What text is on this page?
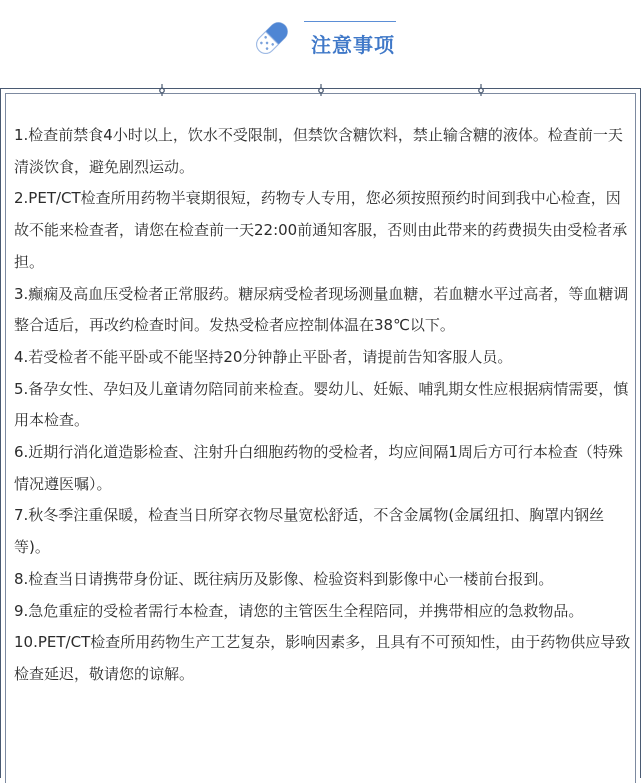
注意事项

1.检查前禁食4小时以上，饮水不受限制，但禁饮含糖饮料，禁止输含糖的液体。检查前一天清淡饮食，避免剧烈运动。

2.PET/CT检查所用药物半衰期很短，药物专人专用，您必须按照预约时间到我中心检查，因故不能来检查者，请您在检查前一天22:00前通知客服，否则由此带来的药费损失由受检者承担。

3.癫痫及高血压受检者正常服药。糖尿病受检者现场测量血糖，若血糖水平过高者，等血糖调整合适后，再改约检查时间。发热受检者应控制体温在38℃以下。

4.若受检者不能平卧或不能坚持20分钟静止平卧者，请提前告知客服人员。

5.备孕女性、孕妇及儿童请勿陪同前来检查。婴幼儿、妊娠、哺乳期女性应根据病情需要，慎用本检查。

6.近期行消化道造影检查、注射升白细胞药物的受检者，均应间隔1周后方可行本检查（特殊情况遵医嘱）。

7.秋冬季注重保暖，检查当日所穿衣物尽量宽松舒适，不含金属物(金属纽扣、胸罩内钢丝等)。

8.检查当日请携带身份证、既往病历及影像、检验资料到影像中心一楼前台报到。

9.急危重症的受检者需行本检查，请您的主管医生全程陪同，并携带相应的急救物品。

10.PET/CT检查所用药物生产工艺复杂，影响因素多，且具有不可预知性，由于药物供应导致检查延迟，敬请您的谅解。
